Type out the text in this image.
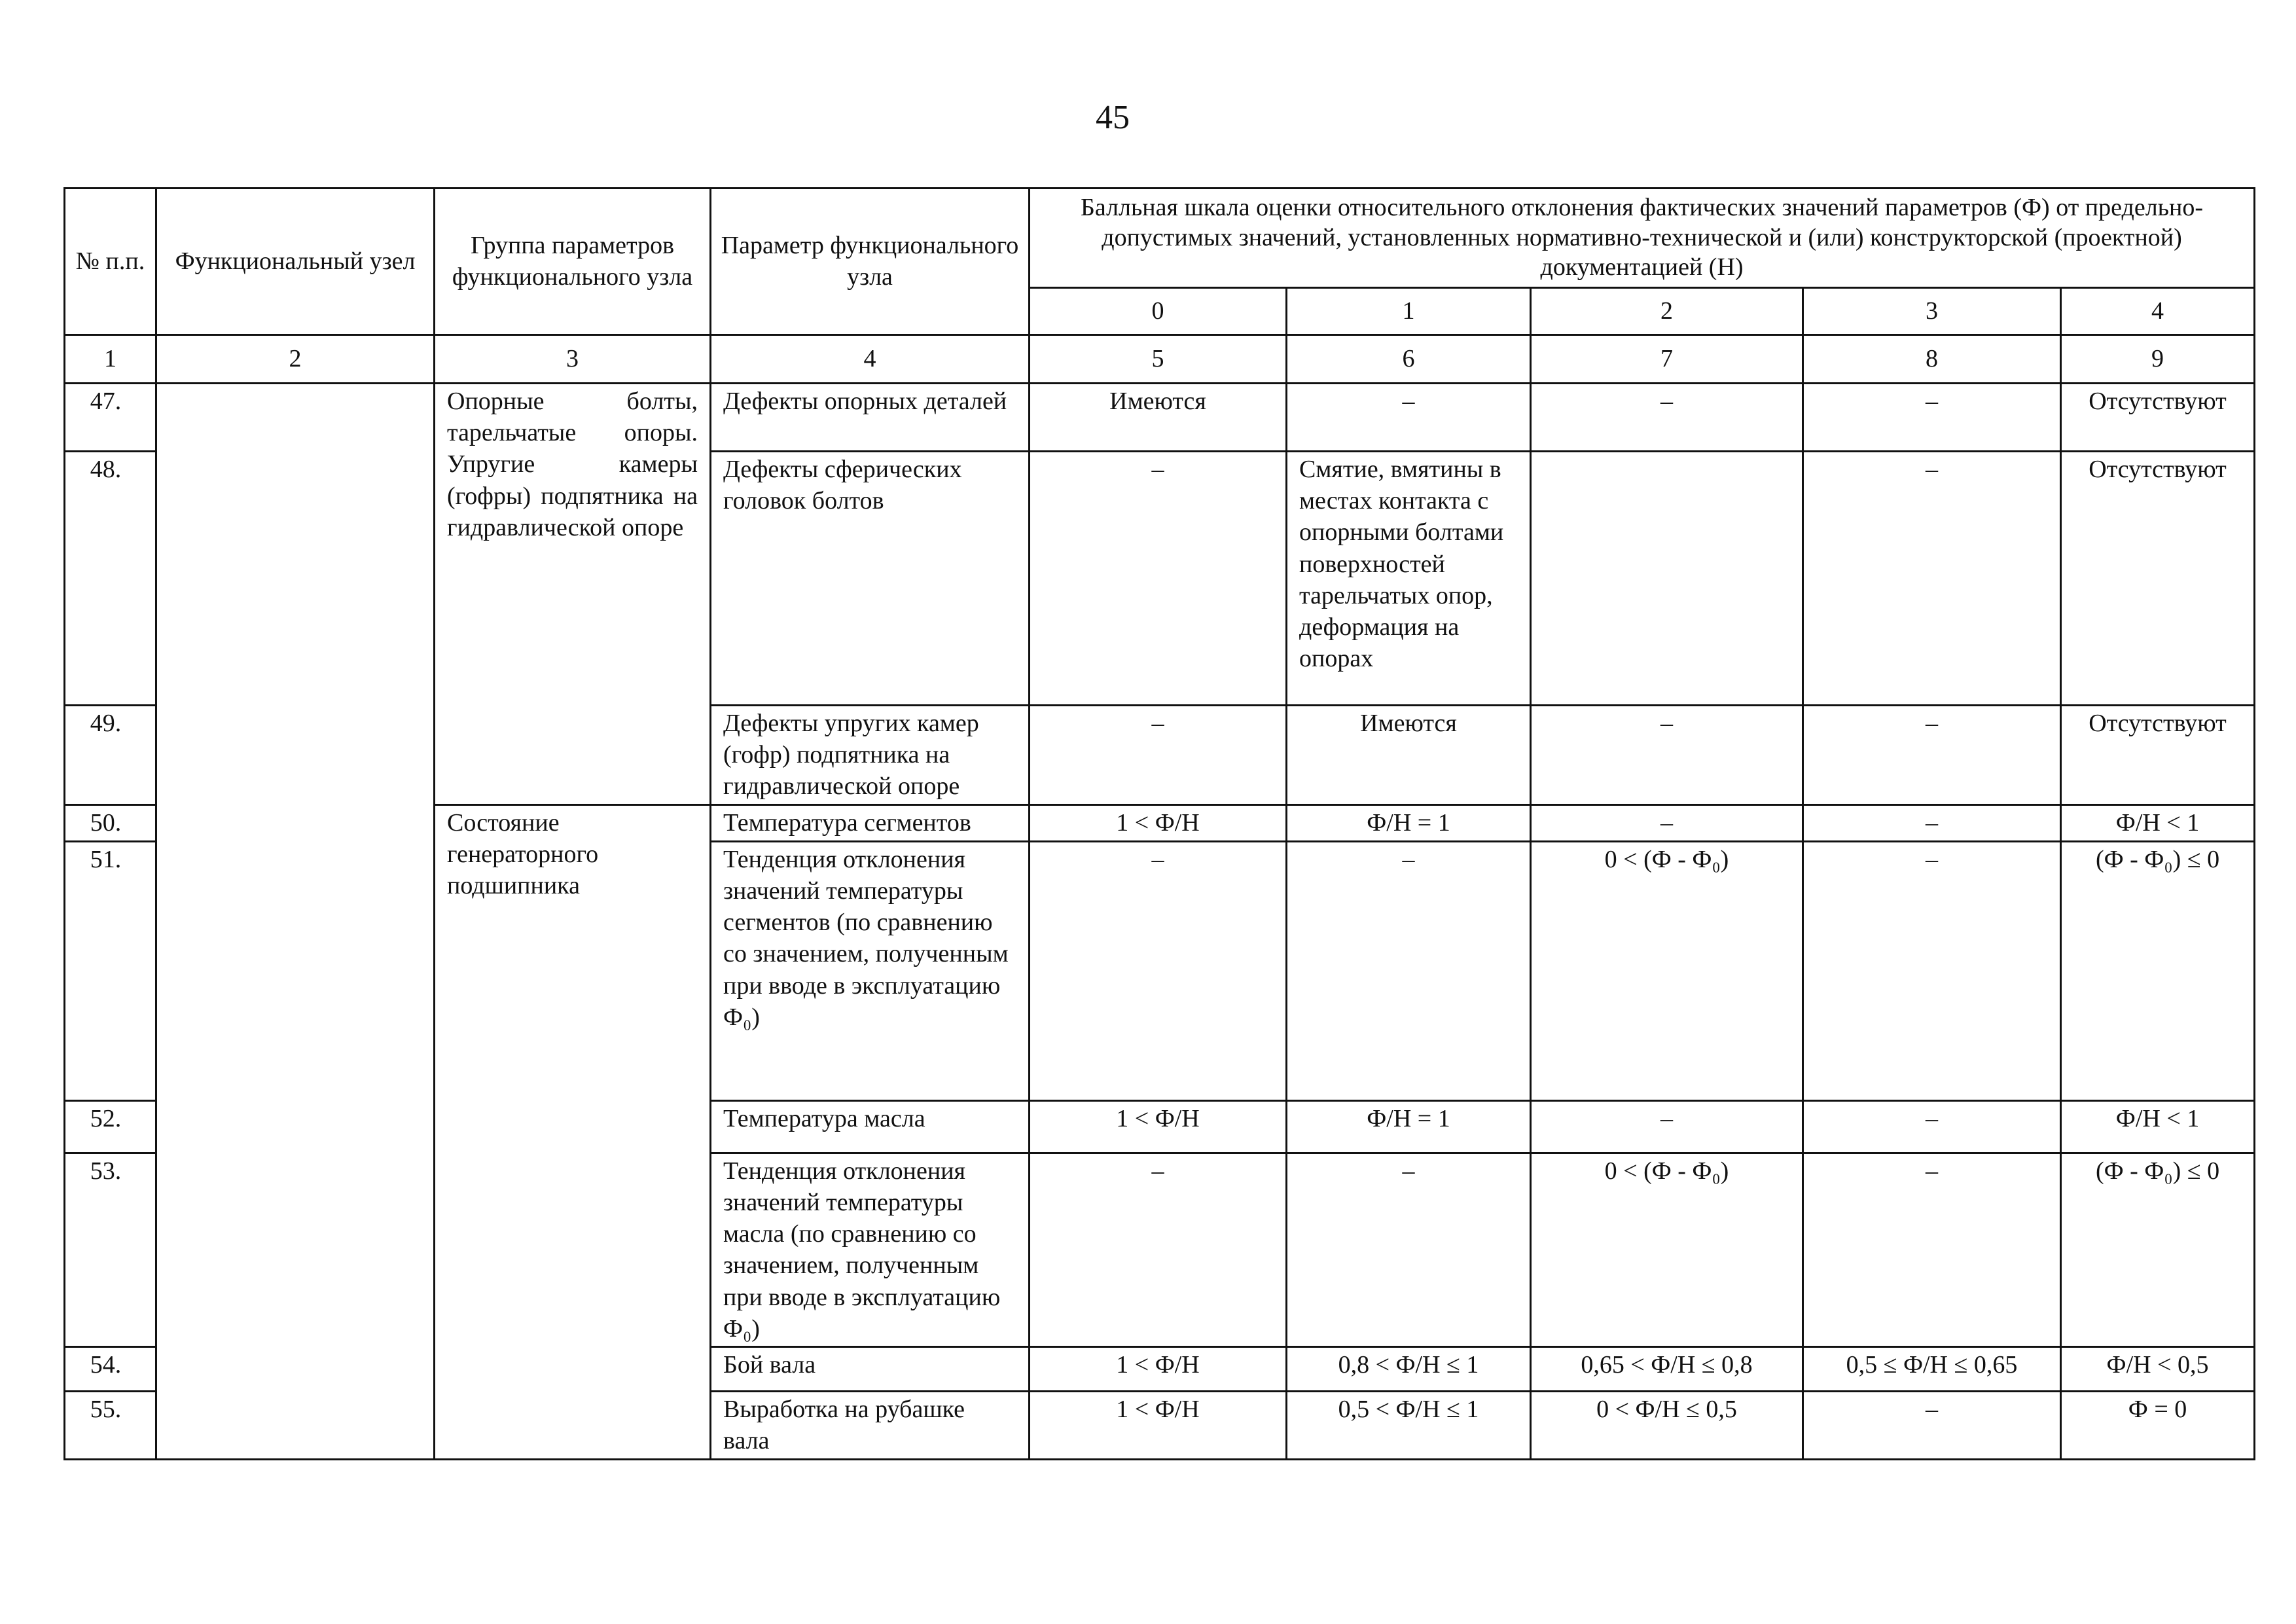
45
№ п.п.	Функциональный узел	Группа параметров функционального узла	Параметр функционального узла	Балльная шкала оценки относительного отклонения фактических значений параметров (Ф) от предельно-допустимых значений, установленных нормативно-технической и (или) конструкторской (проектной) документацией (Н)				
				0	1	2	3	4
1	2	3	4	5	6	7	8	9
47.		Опорные болты, тарельчатые опоры. Упругие камеры (гофры) подпятника на гидравлической опоре	Дефекты опорных деталей	Имеются	–	–	–	Отсутствуют
48.			Дефекты сферических головок болтов	–	Смятие, вмятины в местах контакта с опорными болтами поверхностей тарельчатых опор, деформация на опорах		–	Отсутствуют
49.			Дефекты упругих камер (гофр) подпятника на гидравлической опоре	–	Имеются	–	–	Отсутствуют
50.		Состояние генераторного подшипника	Температура сегментов	1 < Ф/Н	Ф/Н = 1	–	–	Ф/Н < 1
51.			Тенденция отклонения значений температуры сегментов (по сравнению со значением, полученным при вводе в эксплуатацию Ф₀)	–	–	0 < (Ф - Ф₀)	–	(Ф - Ф₀) ≤ 0
52.			Температура масла	1 < Ф/Н	Ф/Н = 1	–	–	Ф/Н < 1
53.			Тенденция отклонения значений температуры масла (по сравнению со значением, полученным при вводе в эксплуатацию Ф₀)	–	–	0 < (Ф - Ф₀)	–	(Ф - Ф₀) ≤ 0
54.			Бой вала	1 < Ф/Н	0,8 < Ф/Н ≤ 1	0,65 < Ф/Н ≤ 0,8	0,5 ≤ Ф/Н ≤ 0,65	Ф/Н < 0,5
55.			Выработка на рубашке вала	1 < Ф/Н	0,5 < Ф/Н ≤ 1	0 < Ф/Н ≤ 0,5	–	Ф = 0
